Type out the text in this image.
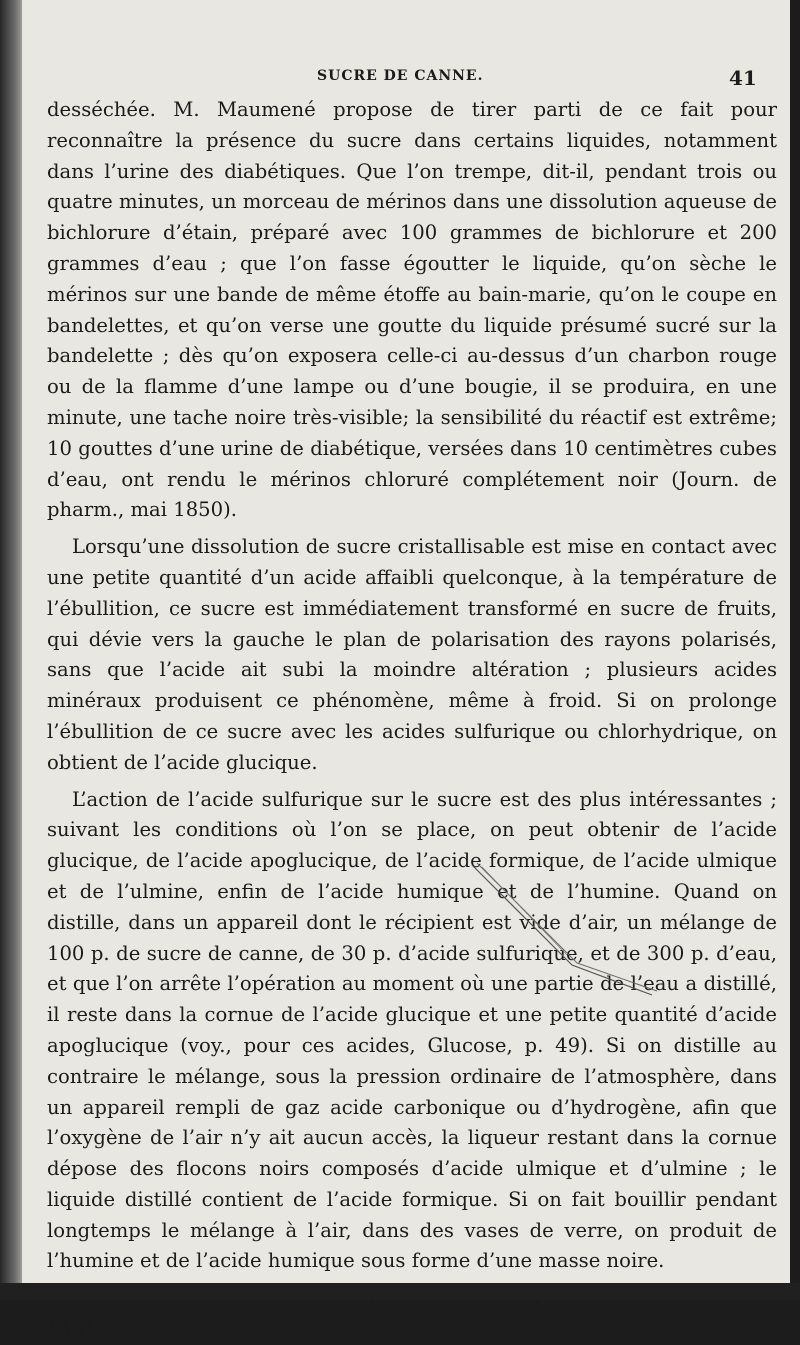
SUCRE DE CANNE.	41

desséchée. M. Maumené propose de tirer parti de ce fait pour reconnaître la présence du sucre dans certains liquides, notamment dans l’urine des diabétiques. Que l’on trempe, dit-il, pendant trois ou quatre minutes, un morceau de mérinos dans une dissolution aqueuse de bichlorure d’étain, préparé avec 100 grammes de bichlorure et 200 grammes d’eau ; que l’on fasse égoutter le liquide, qu’on sèche le mérinos sur une bande de même étoffe au bain-marie, qu’on le coupe en bandelettes, et qu’on verse une goutte du liquide présumé sucré sur la bandelette ; dès qu’on exposera celle-ci au-dessus d’un charbon rouge ou de la flamme d’une lampe ou d’une bougie, il se produira, en une minute, une tache noire très-visible; la sensibilité du réactif est extrême; 10 gouttes d’une urine de diabétique, versées dans 10 centimètres cubes d’eau, ont rendu le mérinos chloruré complétement noir (Journ. de pharm., mai 1850).

Lorsqu’une dissolution de sucre cristallisable est mise en contact avec une petite quantité d’un acide affaibli quelconque, à la température de l’ébullition, ce sucre est immédiatement transformé en sucre de fruits, qui dévie vers la gauche le plan de polarisation des rayons polarisés, sans que l’acide ait subi la moindre altération ; plusieurs acides minéraux produisent ce phénomène, même à froid. Si on prolonge l’ébullition de ce sucre avec les acides sulfurique ou chlorhydrique, on obtient de l’acide glucique.

L’action de l’acide sulfurique sur le sucre est des plus intéressantes ; suivant les conditions où l’on se place, on peut obtenir de l’acide glucique, de l’acide apoglucique, de l’acide formique, de l’acide ulmique et de l’ulmine, enfin de l’acide humique et de l’humine. Quand on distille, dans un appareil dont le récipient est vide d’air, un mélange de 100 p. de sucre de canne, de 30 p. d’acide sulfurique, et de 300 p. d’eau, et que l’on arrête l’opération au moment où une partie de l’eau a distillé, il reste dans la cornue de l’acide glucique et une petite quantité d’acide apoglucique (voy., pour ces acides, Glucose, p. 49). Si on distille au contraire le mélange, sous la pression ordinaire de l’atmosphère, dans un appareil rempli de gaz acide carbonique ou d’hydrogène, afin que l’oxygène de l’air n’y ait aucun accès, la liqueur restant dans la cornue dépose des flocons noirs composés d’acide ulmique et d’ulmine ; le liquide distillé contient de l’acide formique. Si on fait bouillir pendant longtemps le mélange à l’air, dans des vases de verre, on produit de l’humine et de l’acide humique sous forme d’une masse noire.

140°.
